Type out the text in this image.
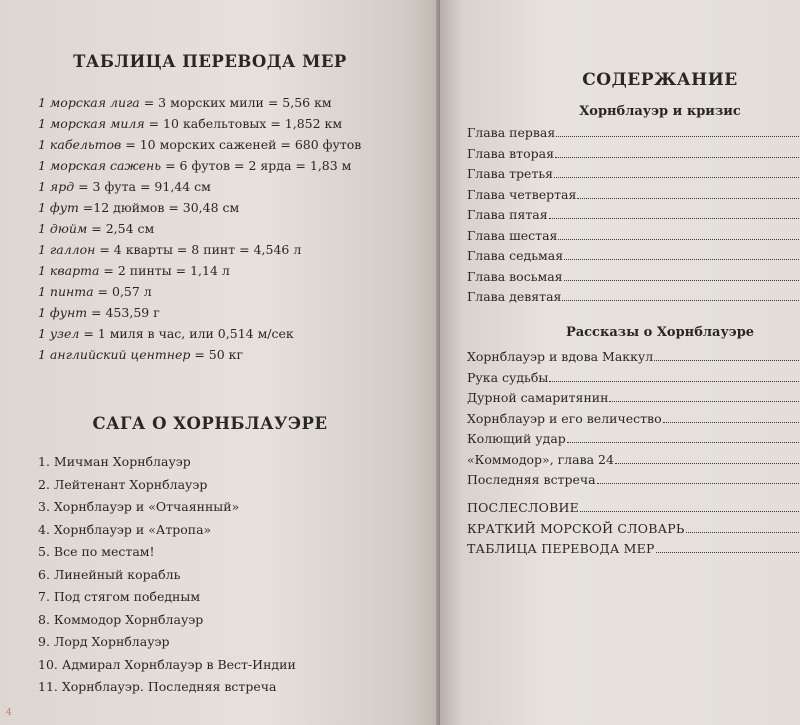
ТАБЛИЦА ПЕРЕВОДА МЕР
1 морская лига = 3 морских мили = 5,56 км
1 морская миля = 10 кабельтовых = 1,852 км
1 кабельтов = 10 морских саженей = 680 футов
1 морская сажень = 6 футов = 2 ярда = 1,83 м
1 ярд = 3 фута = 91,44 см
1 фут =12 дюймов = 30,48 см
1 дюйм = 2,54 см
1 галлон = 4 кварты = 8 пинт = 4,546 л
1 кварта = 2 пинты = 1,14 л
1 пинта = 0,57 л
1 фунт = 453,59 г
1 узел = 1 миля в час, или 0,514 м/сек
1 английский центнер = 50 кг
САГА О ХОРНБЛАУЭРЕ
1. Мичман Хорнблауэр
2. Лейтенант Хорнблауэр
3. Хорнблауэр и «Отчаянный»
4. Хорнблауэр и «Атропа»
5. Все по местам!
6. Линейный корабль
7. Под стягом победным
8. Коммодор Хорнблауэр
9. Лорд Хорнблауэр
10. Адмирал Хорнблауэр в Вест-Индии
11. Хорнблауэр. Последняя встреча
4
СОДЕРЖАНИЕ
Хорнблауэр и кризис
Глава первая
Глава вторая
Глава третья
Глава четвертая
Глава пятая
Глава шестая
Глава седьмая
Глава восьмая
Глава девятая
Рассказы о Хорнблауэре
Хорнблауэр и вдова Маккул
Рука судьбы
Дурной самаритянин
Хорнблауэр и его величество
Колющий удар
«Коммодор», глава 24
Последняя встреча
ПОСЛЕСЛОВИЕ
КРАТКИЙ МОРСКОЙ СЛОВАРЬ
ТАБЛИЦА ПЕРЕВОДА МЕР
